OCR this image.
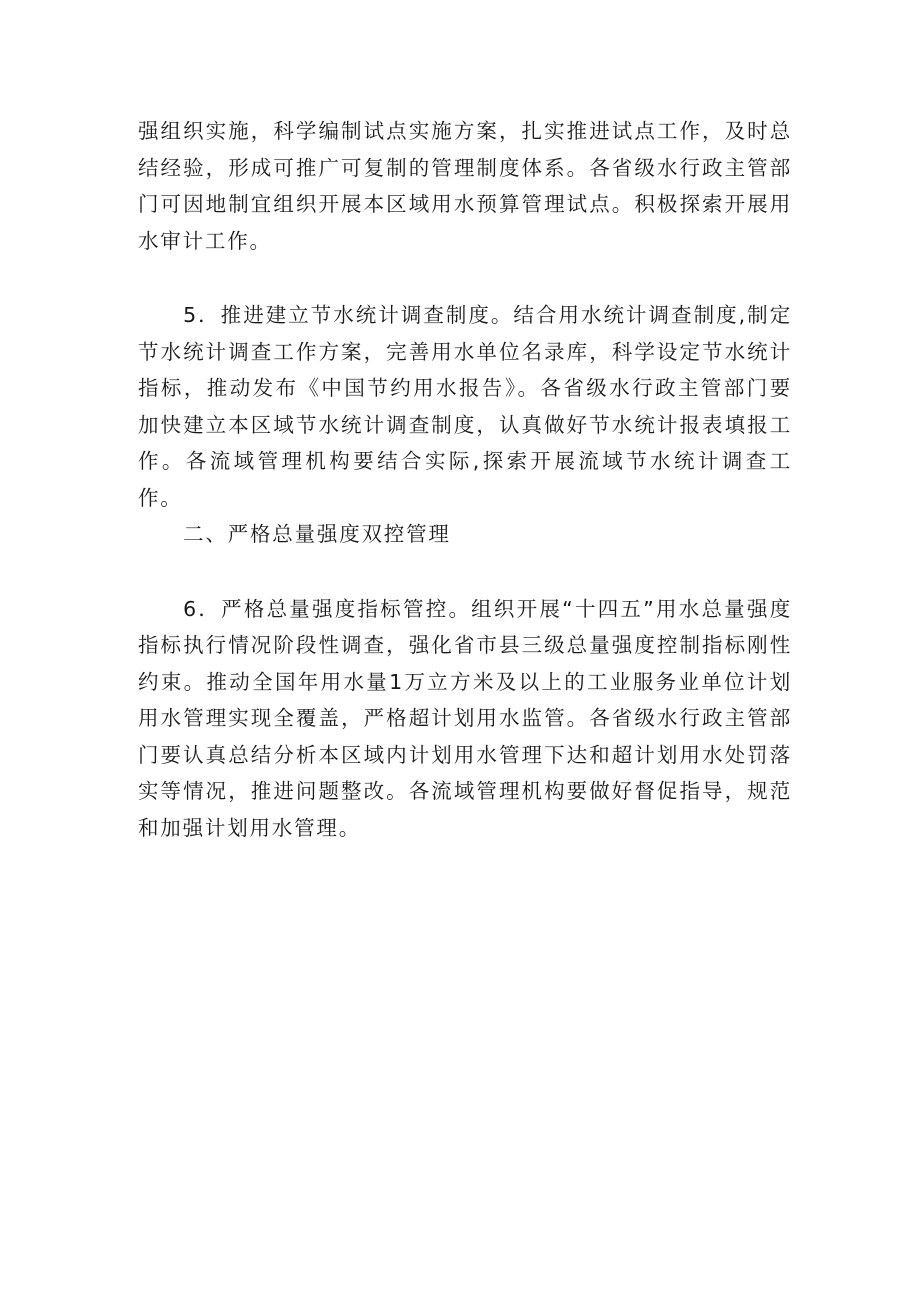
强组织实施，科学编制试点实施方案，扎实推进试点工作，及时总结经验，形成可推广可复制的管理制度体系。各省级水行政主管部门可因地制宜组织开展本区域用水预算管理试点。积极探索开展用水审计工作。

5．推进建立节水统计调查制度。结合用水统计调查制度,制定节水统计调查工作方案，完善用水单位名录库，科学设定节水统计指标，推动发布《中国节约用水报告》。各省级水行政主管部门要加快建立本区域节水统计调查制度，认真做好节水统计报表填报工作。各流域管理机构要结合实际,探索开展流域节水统计调查工作。

二、严格总量强度双控管理

6．严格总量强度指标管控。组织开展“十四五”用水总量强度指标执行情况阶段性调查，强化省市县三级总量强度控制指标刚性约束。推动全国年用水量1万立方米及以上的工业服务业单位计划用水管理实现全覆盖，严格超计划用水监管。各省级水行政主管部门要认真总结分析本区域内计划用水管理下达和超计划用水处罚落实等情况，推进问题整改。各流域管理机构要做好督促指导，规范和加强计划用水管理。
